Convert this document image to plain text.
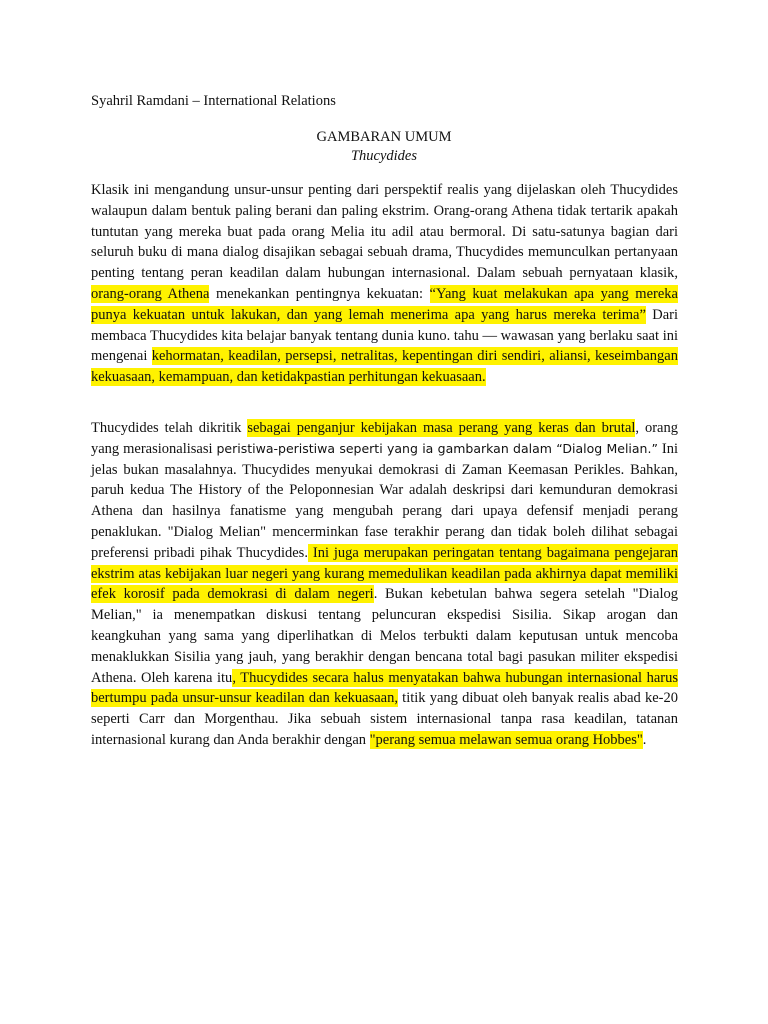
Syahril Ramdani – International Relations
GAMBARAN UMUM
Thucydides

Klasik ini mengandung unsur-unsur penting dari perspektif realis yang dijelaskan oleh Thucydides walaupun dalam bentuk paling berani dan paling ekstrim. Orang-orang Athena tidak tertarik apakah tuntutan yang mereka buat pada orang Melia itu adil atau bermoral. Di satu-satunya bagian dari seluruh buku di mana dialog disajikan sebagai sebuah drama, Thucydides memunculkan pertanyaan penting tentang peran keadilan dalam hubungan internasional. Dalam sebuah pernyataan klasik, orang-orang Athena menekankan pentingnya kekuatan: “Yang kuat melakukan apa yang mereka punya kekuatan untuk lakukan, dan yang lemah menerima apa yang harus mereka terima” Dari membaca Thucydides kita belajar banyak tentang dunia kuno. tahu — wawasan yang berlaku saat ini mengenai kehormatan, keadilan, persepsi, netralitas, kepentingan diri sendiri, aliansi, keseimbangan kekuasaan, kemampuan, dan ketidakpastian perhitungan kekuasaan.

Thucydides telah dikritik sebagai penganjur kebijakan masa perang yang keras dan brutal, orang yang merasionalisasi peristiwa-peristiwa seperti yang ia gambarkan dalam “Dialog Melian.” Ini jelas bukan masalahnya. Thucydides menyukai demokrasi di Zaman Keemasan Perikles. Bahkan, paruh kedua The History of the Peloponnesian War adalah deskripsi dari kemunduran demokrasi Athena dan hasilnya fanatisme yang mengubah perang dari upaya defensif menjadi perang penaklukan. "Dialog Melian" mencerminkan fase terakhir perang dan tidak boleh dilihat sebagai preferensi pribadi pihak Thucydides. Ini juga merupakan peringatan tentang bagaimana pengejaran ekstrim atas kebijakan luar negeri yang kurang memedulikan keadilan pada akhirnya dapat memiliki efek korosif pada demokrasi di dalam negeri. Bukan kebetulan bahwa segera setelah "Dialog Melian," ia menempatkan diskusi tentang peluncuran ekspedisi Sisilia. Sikap arogan dan keangkuhan yang sama yang diperlihatkan di Melos terbukti dalam keputusan untuk mencoba menaklukkan Sisilia yang jauh, yang berakhir dengan bencana total bagi pasukan militer ekspedisi Athena. Oleh karena itu, Thucydides secara halus menyatakan bahwa hubungan internasional harus bertumpu pada unsur-unsur keadilan dan kekuasaan, titik yang dibuat oleh banyak realis abad ke-20 seperti Carr dan Morgenthau. Jika sebuah sistem internasional tanpa rasa keadilan, tatanan internasional kurang dan Anda berakhir dengan "perang semua melawan semua orang Hobbes".
